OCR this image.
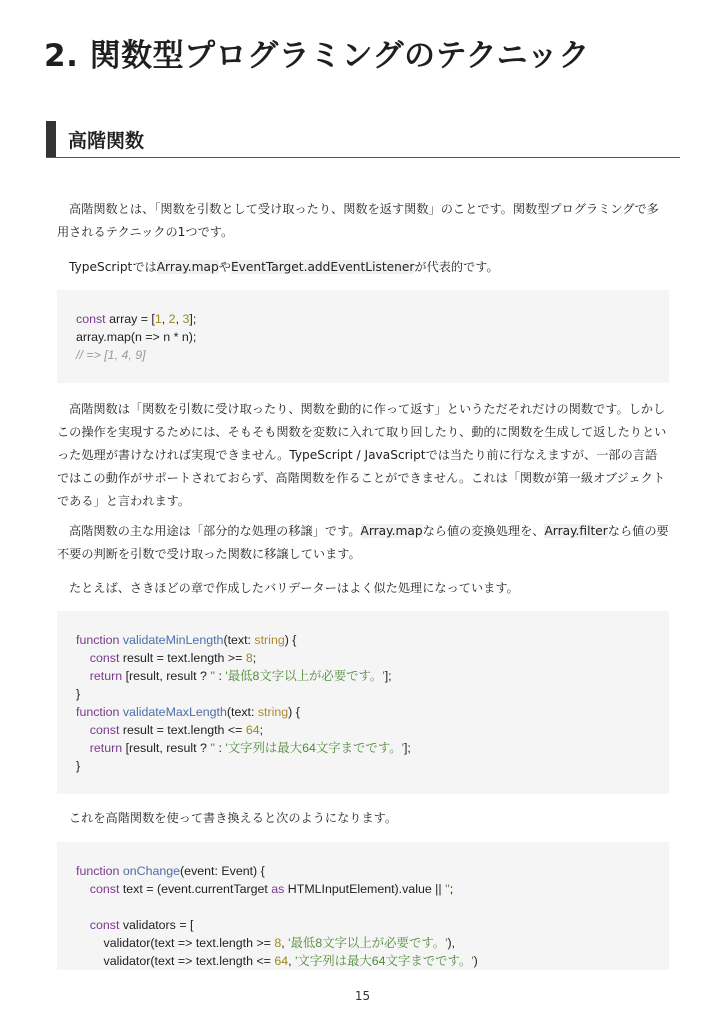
2. 関数型プログラミングのテクニック
高階関数

高階関数とは、「関数を引数として受け取ったり、関数を返す関数」のことです。関数型プログラミングで多用されるテクニックの1つです。

TypeScriptではArray.mapやEventTarget.addEventListenerが代表的です。

const array = [1, 2, 3];
array.map(n => n * n);
// => [1, 4, 9]

高階関数は「関数を引数に受け取ったり、関数を動的に作って返す」というただそれだけの関数です。しかしこの操作を実現するためには、そもそも関数を変数に入れて取り回したり、動的に関数を生成して返したりといった処理が書けなければ実現できません。TypeScript / JavaScriptでは当たり前に行なえますが、一部の言語ではこの動作がサポートされておらず、高階関数を作ることができません。これは「関数が第一級オブジェクトである」と言われます。

高階関数の主な用途は「部分的な処理の移譲」です。Array.mapなら値の変換処理を、Array.filterなら値の要不要の判断を引数で受け取った関数に移譲しています。

たとえば、さきほどの章で作成したバリデーターはよく似た処理になっています。

function validateMinLength(text: string) {
const result = text.length >= 8;
return [result, result ? '' : '最低8文字以上が必要です。'];
}
function validateMaxLength(text: string) {
const result = text.length <= 64;
return [result, result ? '' : '文字列は最大64文字までです。'];
}

これを高階関数を使って書き換えると次のようになります。

function onChange(event: Event) {
const text = (event.currentTarget as HTMLInputElement).value || '';
const validators = [
validator(text => text.length >= 8, '最低8文字以上が必要です。'),
validator(text => text.length <= 64, '文字列は最大64文字までです。')

15
